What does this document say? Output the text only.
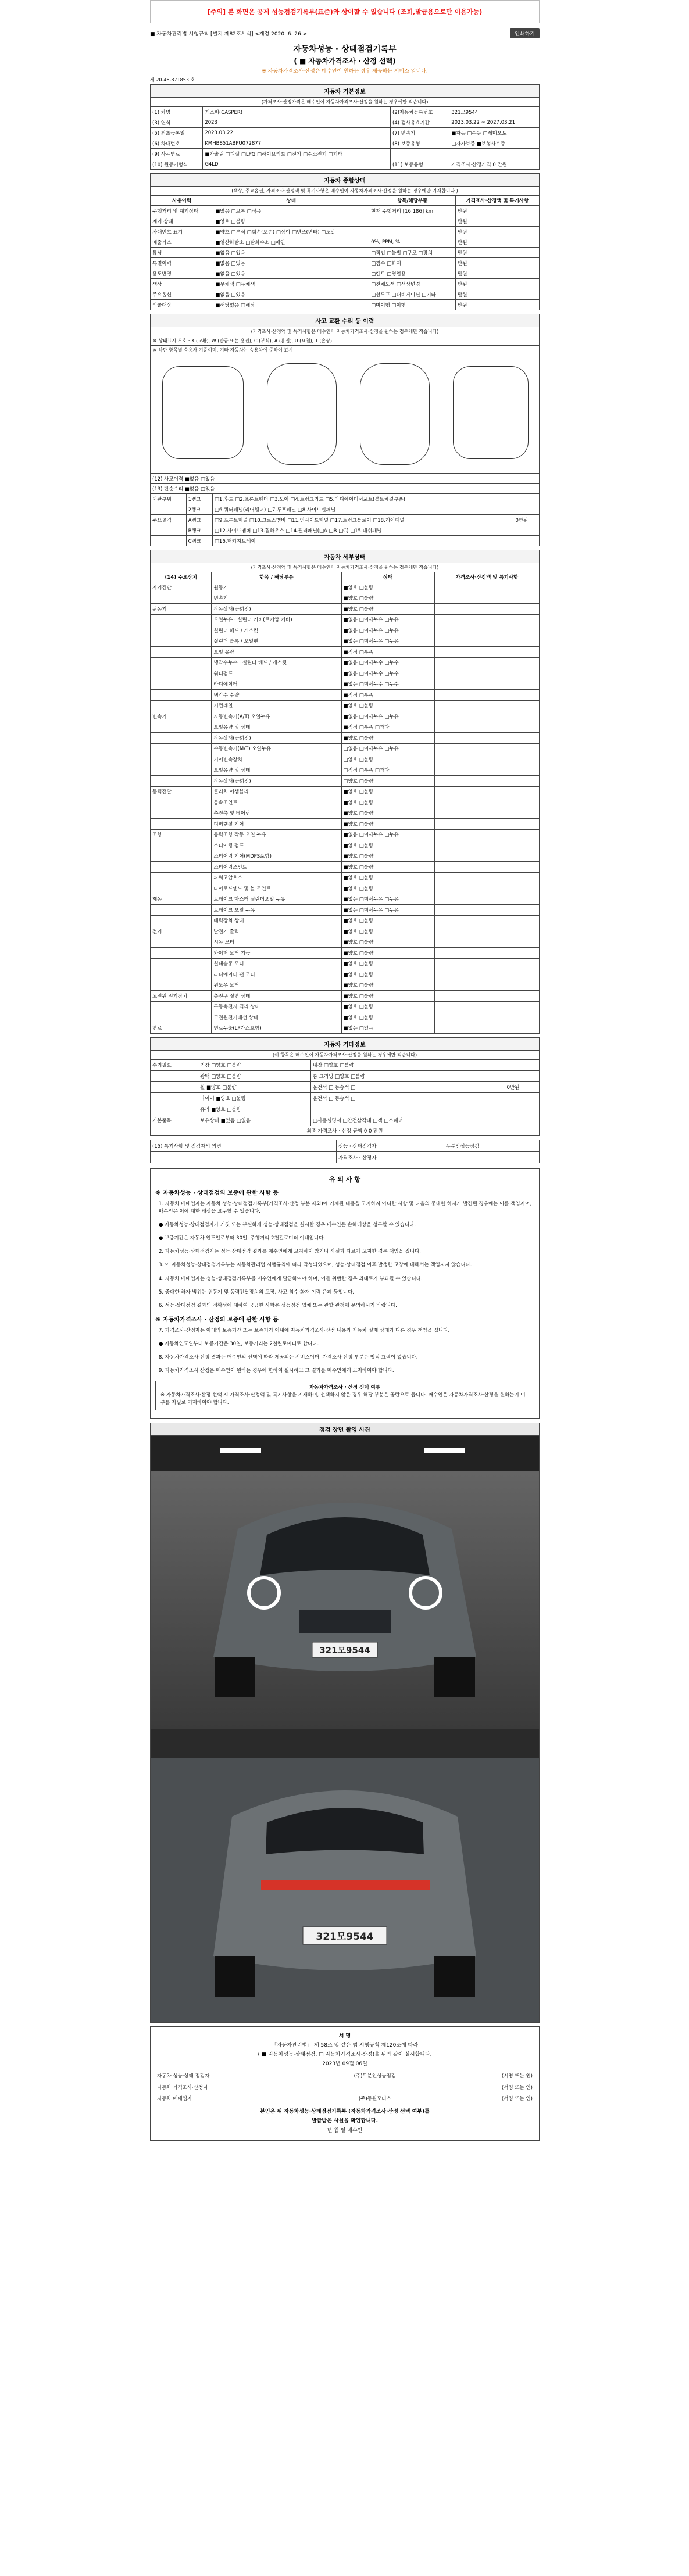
[주의] 본 화면은 공제 성능점검기록부(표준)와 상이할 수 있습니다 (조회,발급용으로만 이용가능)
■ 자동차관리법 시행규칙 [별지 제82호서식] <개정 2020. 6. 26.>	인쇄하기
자동차성능 · 상태점검기록부
( ■ 자동차가격조사 · 산정 선택)
※ 자동차가격조사·산정은 매수인이 원하는 경우 제공하는 서비스 입니다.
제 20-46-871853 호
자동차 기본정보
(가격조사·산정가격은 매수인이 자동차가격조사·산정을 원하는 경우에만 적습니다)
(1) 차명	캐스퍼(CASPER)	(2)자동차등록번호	321모9544
(3) 연식	2023	(4) 검사유효기간	2023.03.22 ~ 2027.03.21
(5) 최초등록일	2023.03.22	(7) 변속기	■자동 □수동 □세미오토
(6) 차대번호	KMHB851ABPU072877	(8) 보증유형	□자가보증 ■보험사보증
(9) 사용연료	■가솔린 □디젤 □LPG □하이브리드 □전기 □수소전기 □기타		
(10) 원동기형식	G4LD	(11) 보증유형	가격조사·산정가격 0 만원
자동차 종합상태
(색상, 주요옵션, 가격조사·산정액 및 특기사항은 매수인이 자동차가격조사·산정을 원하는 경우에만 기재합니다.)
사용이력	상태	항목/해당부품	가격조사·산정액 및 특기사항
주행거리 및 계기상태	■많음 □보통 □적음	현재 주행거리 [16,186] km	만원
계기 상태	■양호 □불량		만원
차대번호 표기	■양호 □부식 □훼손(오손) □상이 □변조(변타) □도말		만원
배출가스	■일산화탄소 □탄화수소 □매연	0%, PPM, %	만원
튜닝	■없음 □있음	□적법 □불법 □구조 □장치	만원
특별이력	■없음 □있음	□침수 □화재	만원
용도변경	■없음 □있음	□렌트 □영업용	만원
색상	■무채색 □유채색	□전체도색 □색상변경	만원
주요옵션	■없음 □있음	□선루프 □내비게이션 □기타	만원
리콜대상	■해당없음 □해당	□미이행 □이행	만원
사고 교환 수리 등 이력
(가격조사·산정액 및 특기사항은 매수인이 자동차가격조사·산정을 원하는 경우에만 적습니다)
※ 상태표시 부호 : X (교환), W (판금 또는 용접), C (부식), A (흠집), U (요철), T (손상)
※ 하단 항목별 승용차 기준이며, 기타 자동차는 승용차에 준하여 표시
(12) 사고이력 ■없음 □있음			
(13) 단순수리 ■없음 □있음			
외판부위	1랭크	□1.후드 □2.프론트휀더 □3.도어 □4.트렁크리드 □5.라디에이터서포트(볼트체결부품)	
	2랭크	□6.쿼터패널(리어휀더) □7.루프패널 □8.사이드실패널	
주요골격	A랭크	□9.프론트패널 □10.크로스멤버 □11.인사이드패널 □17.트렁크플로어 □18.리어패널	0만원
	B랭크	□12.사이드멤버 □13.휠하우스 □14.필러패널(□A □B □C) □15.대쉬패널	
	C랭크	□16.패키지트레이	
자동차 세부상태
(가격조사·산정액 및 특기사항은 매수인이 자동차가격조사·산정을 원하는 경우에만 적습니다)
(14) 주요장치	항목 / 해당부품	상태	가격조사·산정액 및 특기사항
자기진단	원동기	■양호 □불량	
	변속기	■양호 □불량	
원동기	작동상태(공회전)	■양호 □불량	
	오일누유 · 실린더 커버(로커암 커버)	■없음 □미세누유 □누유	
	실린더 헤드 / 개스킷	■없음 □미세누유 □누유	
	실린더 블록 / 오일팬	■없음 □미세누유 □누유	
	오일 유량	■적정 □부족	
	냉각수누수 · 실린더 헤드 / 개스킷	■없음 □미세누수 □누수	
	워터펌프	■없음 □미세누수 □누수	
	라디에이터	■없음 □미세누수 □누수	
	냉각수 수량	■적정 □부족	
	커먼레일	■양호 □불량	
변속기	자동변속기(A/T) 오일누유	■없음 □미세누유 □누유	
	오일유량 및 상태	■적정 □부족 □과다	
	작동상태(공회전)	■양호 □불량	
	수동변속기(M/T) 오일누유	□없음 □미세누유 □누유	
	기어변속장치	□양호 □불량	
	오일유량 및 상태	□적정 □부족 □과다	
	작동상태(공회전)	□양호 □불량	
동력전달	클러치 어셈블리	■양호 □불량	
	등속조인트	■양호 □불량	
	추진축 및 베어링	■양호 □불량	
	디퍼렌셜 기어	■양호 □불량	
조향	동력조향 작동 오일 누유	■없음 □미세누유 □누유	
	스티어링 펌프	■양호 □불량	
	스티어링 기어(MDPS포함)	■양호 □불량	
	스티어링조인트	■양호 □불량	
	파워고압호스	■양호 □불량	
	타이로드엔드 및 볼 조인트	■양호 □불량	
제동	브레이크 마스터 실린더오일 누유	■없음 □미세누유 □누유	
	브레이크 오일 누유	■없음 □미세누유 □누유	
	배력장치 상태	■양호 □불량	
전기	발전기 출력	■양호 □불량	
	시동 모터	■양호 □불량	
	와이퍼 모터 기능	■양호 □불량	
	실내송풍 모터	■양호 □불량	
	라디에이터 팬 모터	■양호 □불량	
	윈도우 모터	■양호 □불량	
고전원 전기장치	충전구 절연 상태	■양호 □불량	
	구동축전지 격리 상태	■양호 □불량	
	고전원전기배선 상태	■양호 □불량	
연료	연료누출(LP가스포함)	■없음 □있음	
자동차 기타정보
(이 항목은 매수인이 자동차가격조사·산정을 원하는 경우에만 적습니다)
수리필요	외장 □양호 □불량	내장 □양호 □불량	
	광택 □양호 □불량	룸 크리닝 □양호 □불량	
	휠 ■양호 □불량	운전석 □ 동승석 □	0만원
	타이어 ■양호 □불량	운전석 □ 동승석 □	
	유리 ■양호 □불량		
기본품목	보유상태 ■있음 □없음	□사용설명서 □안전삼각대 □잭 □스패너	
최종 가격조사 · 산정 금액 0 0 만원			
(15) 특기사항 및 점검자의 의견	성능 · 상태점검자	무분인성능점검
	가격조사 · 산정자	
유 의 사 항
※ 자동차성능 · 상태점검의 보증에 관한 사항 등

1. 자동차 매매업자는 자동차 성능·상태점검기록부(가격조사·산정 부분 제외)에 기재된 내용을 고지하지 아니한 사항 및 다음의 중대한 하자가 발견된 경우에는 이를 책임지며, 매수인은 이에 대한 배상을 요구할 수 있습니다.

● 자동차성능·상태점검자가 거짓 또는 부실하게 성능·상태점검을 실시한 경우 매수인은 손해배상을 청구할 수 있습니다.

● 보증기간은 자동차 인도일로부터 30일, 주행거리 2천킬로미터 이내입니다.

2. 자동차성능·상태점검자는 성능·상태점검 결과를 매수인에게 고지하지 않거나 사실과 다르게 고지한 경우 책임을 집니다.

3. 이 자동차성능·상태점검기록부는 자동차관리법 시행규칙에 따라 작성되었으며, 성능·상태점검 이후 발생한 고장에 대해서는 책임지지 않습니다.

4. 자동차 매매업자는 성능·상태점검기록부를 매수인에게 발급하여야 하며, 이를 위반한 경우 과태료가 부과될 수 있습니다.

5. 중대한 하자 범위는 원동기 및 동력전달장치의 고장, 사고·침수·화재 이력 은폐 등입니다.

6. 성능·상태점검 결과의 정확성에 대하여 궁금한 사항은 성능점검 업체 또는 관할 관청에 문의하시기 바랍니다.

※ 자동차가격조사 · 산정의 보증에 관한 사항 등

7. 가격조사·산정자는 아래의 보증기간 또는 보증거리 이내에 자동차가격조사·산정 내용과 자동차 실제 상태가 다른 경우 책임을 집니다.

● 자동차인도일부터 보증기간은 30일, 보증거리는 2천킬로미터로 합니다.

8. 자동차가격조사·산정 결과는 매수인의 선택에 따라 제공되는 서비스이며, 가격조사·산정 부분은 법적 효력이 없습니다.

9. 자동차가격조사·산정은 매수인이 원하는 경우에 한하여 실시하고 그 결과를 매수인에게 고지하여야 합니다.

자동차가격조사 · 산정 선택 여부
※ 자동차가격조사·산정 선택 시 가격조사·산정액 및 특기사항을 기재하며, 선택하지 않은 경우 해당 부분은 공란으로 둡니다. 매수인은 자동차가격조사·산정을 원하는지 여부를 자필로 기재하여야 합니다.
점검 장면 촬영 사진
321모9544
321모9544
서 명
「자동차관리법」 제 58조 및 같은 법 시행규칙 제120조에 따라
( ■ 자동차성능·상태점검, □ 자동차가격조사·산정)을 위와 같이 실시합니다.
2023년 09월 06일
자동차 성능·상태 점검자	(주)무분인성능점검	(서명 또는 인)
자동차 가격조사·산정자		(서명 또는 인)
자동차 매매업자	(주)동원모터스	(서명 또는 인)
본인은 위 자동차성능·상태점검기록부 (자동차가격조사·산정 선택 여부)를
발급받은 사실을 확인합니다.
년 월 일 매수인
